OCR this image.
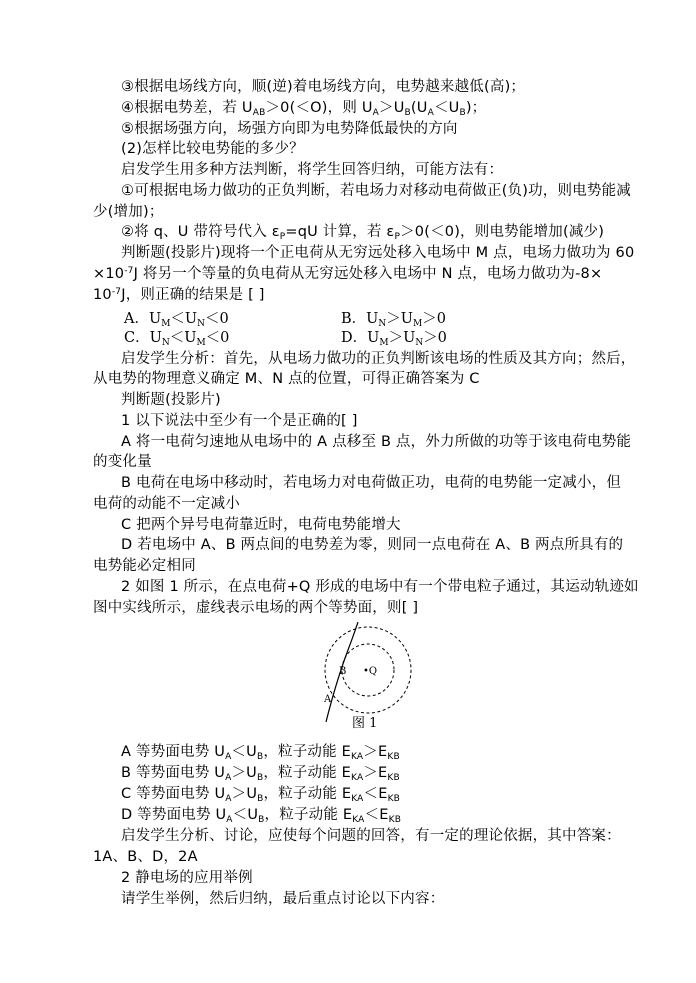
③根据电场线方向，顺(逆)着电场线方向，电势越来越低(高)；
④根据电势差，若 $U_{AB}>0(<O)$，则 $U_A>U_B(U_A<U_B)$；
⑤根据场强方向，场强方向即为电势降低最快的方向
(2)怎样比较电势能的多少？
启发学生用多种方法判断，将学生回答归纳，可能方法有：
①可根据电场力做功的正负判断，若电场力对移动电荷做正(负)功，则电势能减
少(增加)；
②将 q、U 带符号代入 $\varepsilon_P=qU$ 计算，若 $\varepsilon_P>0(<0)$，则电势能增加(减少)
判断题(投影片)现将一个正电荷从无穷远处移入电场中 M 点，电场力做功为 60
$\times 10^{-7}J$ 将另一个等量的负电荷从无穷远处移入电场中 N 点，电场力做功为-8×
$10^{-7}J$，则正确的结果是 [ ]
A．$U_M<U_N<0$	B．$U_N>U_M>0$
C．$U_N<U_M<0$	D．$U_M>U_N>0$
启发学生分析：首先，从电场力做功的正负判断该电场的性质及其方向；然后，
从电势的物理意义确定 M、N 点的位置，可得正确答案为 C
判断题(投影片)
1 以下说法中至少有一个是正确的[ ]
A 将一电荷匀速地从电场中的 A 点移至 B 点，外力所做的功等于该电荷电势能
的变化量
B 电荷在电场中移动时，若电场力对电荷做正功，电荷的电势能一定减小，但
电荷的动能不一定减小
C 把两个异号电荷靠近时，电荷电势能增大
D 若电场中 A、B 两点间的电势差为零，则同一点电荷在 A、B 两点所具有的
电势能必定相同
2 如图 1 所示，在点电荷+Q 形成的电场中有一个带电粒子通过，其运动轨迹如
图中实线所示，虚线表示电场的两个等势面，则[ ]
B •Q
A
图 1
A 等势面电势 $U_A<U_B$，粒子动能 $E_{KA}>E_{KB}$
B 等势面电势 $U_A>U_B$，粒子动能 $E_{KA}>E_{KB}$
C 等势面电势 $U_A>U_B$，粒子动能 $E_{KA}<E_{KB}$
D 等势面电势 $U_A<U_B$，粒子动能 $E_{KA}<E_{KB}$
启发学生分析、讨论，应使每个问题的回答，有一定的理论依据，其中答案：
1A、B、D，2A
2 静电场的应用举例
请学生举例，然后归纳，最后重点讨论以下内容：
